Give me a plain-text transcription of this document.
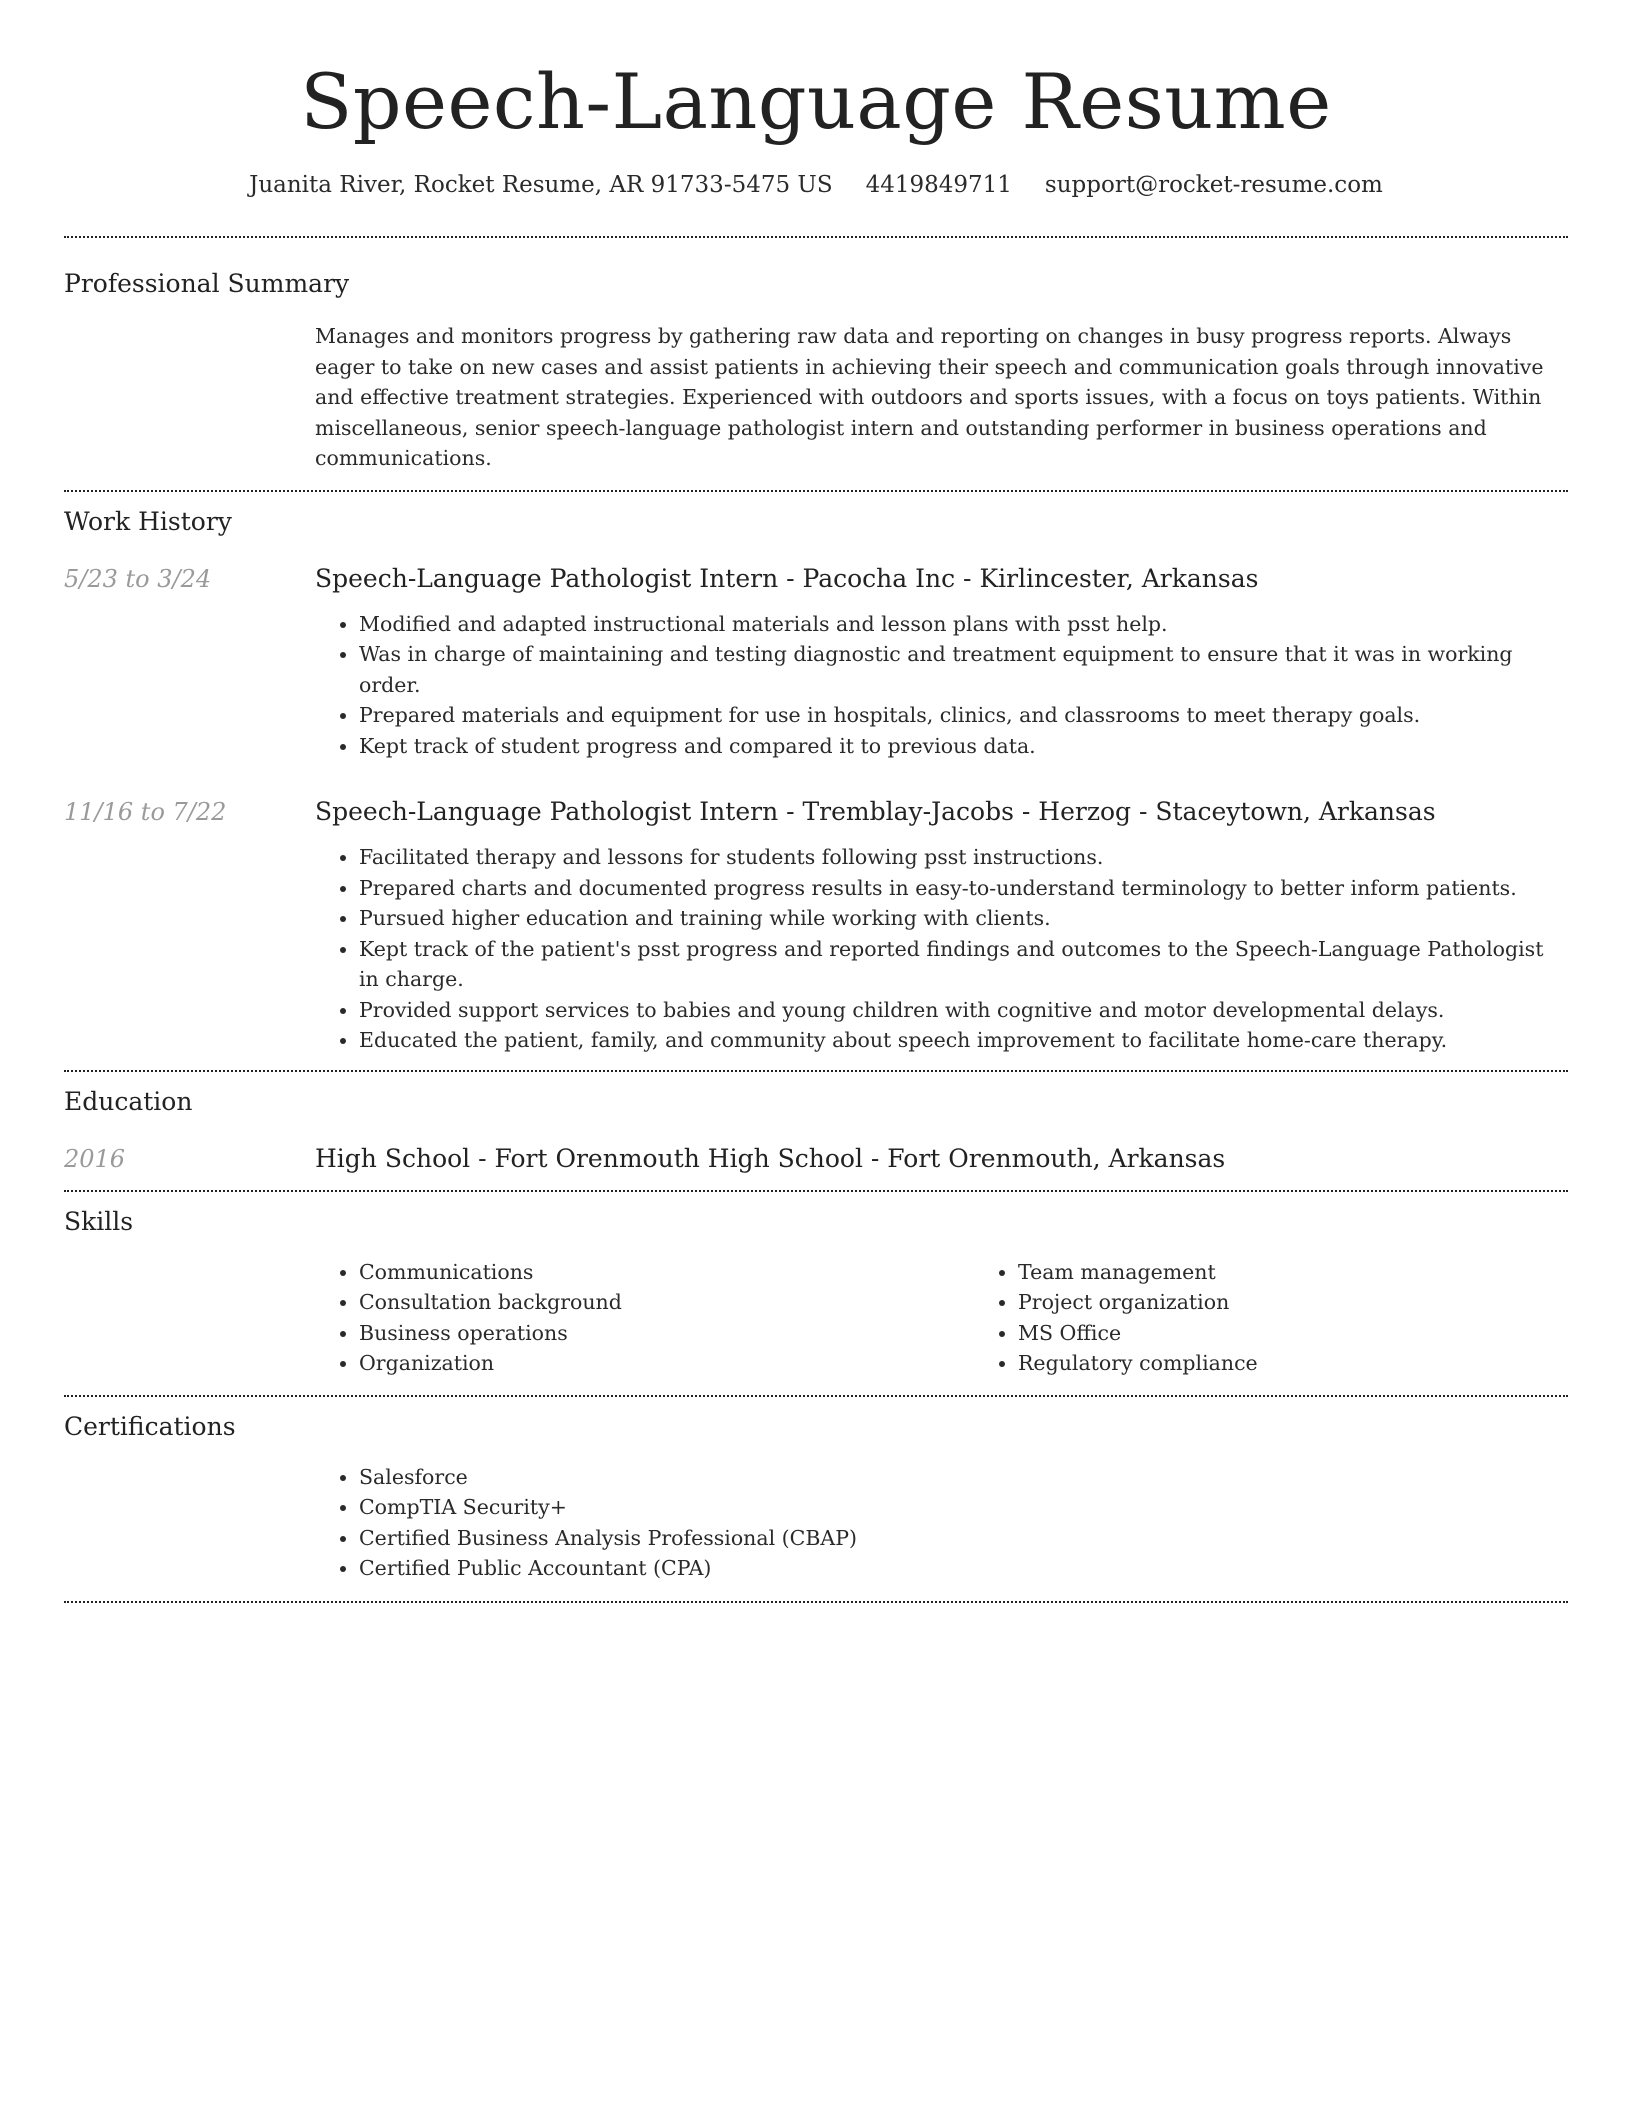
Speech-Language Resume
Juanita River, Rocket Resume, AR 91733-5475 US 4419849711 support@rocket-resume.com
Professional Summary

Manages and monitors progress by gathering raw data and reporting on changes in busy progress reports. Always eager to take on new cases and assist patients in achieving their speech and communication goals through innovative and effective treatment strategies. Experienced with outdoors and sports issues, with a focus on toys patients. Within miscellaneous, senior speech-language pathologist intern and outstanding performer in business operations and communications.

Work History
5/23 to 3/24	Speech-Language Pathologist Intern - Pacocha Inc - Kirlincester, Arkansas

• Modified and adapted instructional materials and lesson plans with psst help.
• Was in charge of maintaining and testing diagnostic and treatment equipment to ensure that it was in working order.
• Prepared materials and equipment for use in hospitals, clinics, and classrooms to meet therapy goals.
• Kept track of student progress and compared it to previous data.
11/16 to 7/22	Speech-Language Pathologist Intern - Tremblay-Jacobs - Herzog - Staceytown, Arkansas

• Facilitated therapy and lessons for students following psst instructions.
• Prepared charts and documented progress results in easy-to-understand terminology to better inform patients.
• Pursued higher education and training while working with clients.
• Kept track of the patient's psst progress and reported findings and outcomes to the Speech-Language Pathologist in charge.
• Provided support services to babies and young children with cognitive and motor developmental delays.
• Educated the patient, family, and community about speech improvement to facilitate home-care therapy.
Education
2016	High School - Fort Orenmouth High School - Fort Orenmouth, Arkansas

Skills
• Communications
• Consultation background
• Business operations
• Organization
• Team management
• Project organization
• MS Office
• Regulatory compliance
Certifications
• Salesforce
• CompTIA Security+
• Certified Business Analysis Professional (CBAP)
• Certified Public Accountant (CPA)
